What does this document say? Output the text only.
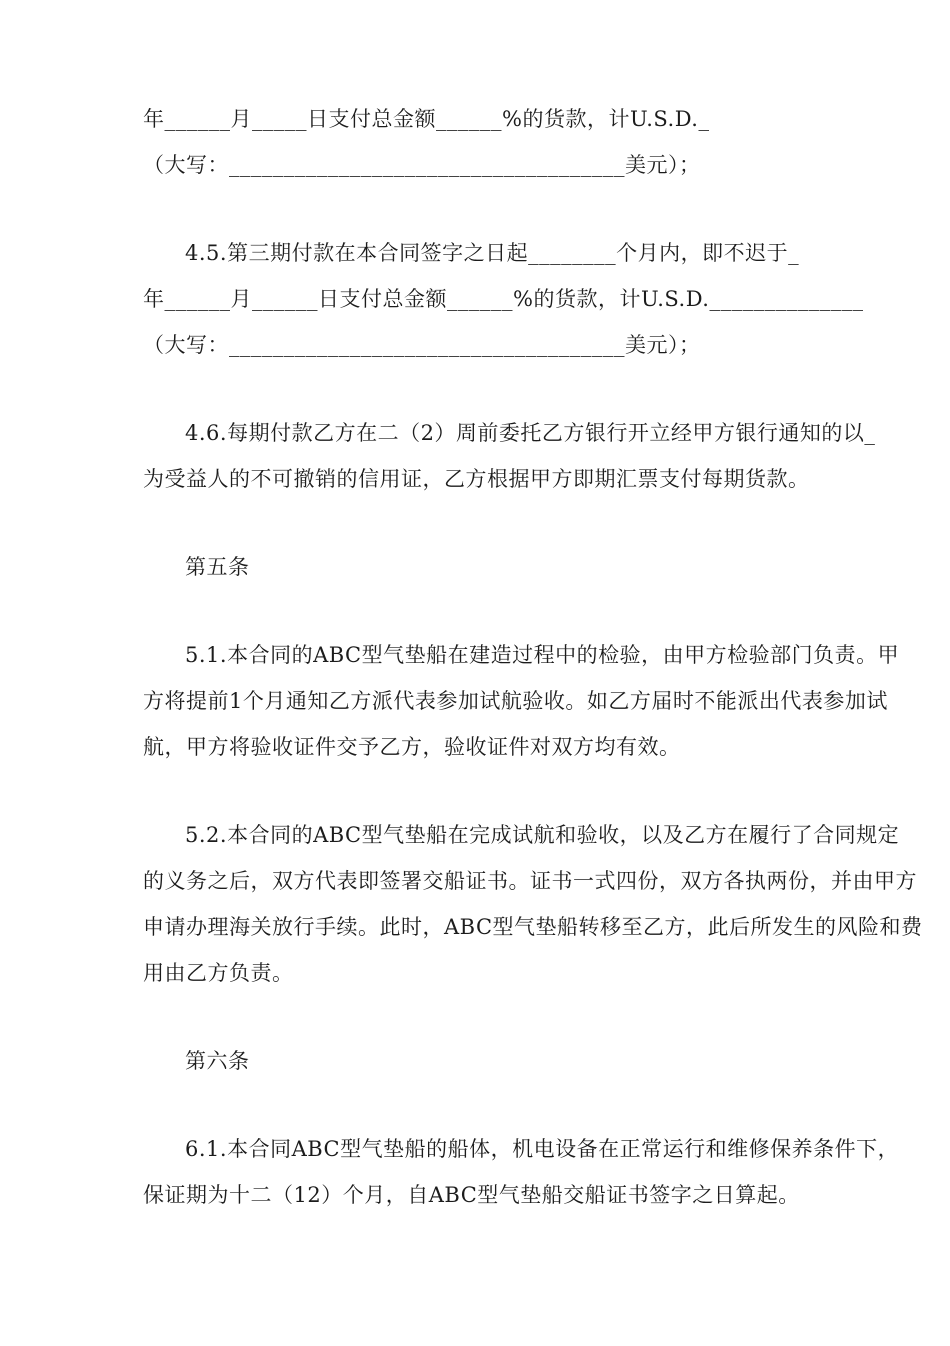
年______月_____日支付总金额______%的货款，计U.S.D._
（大写：____________________________________美元）；
4.5.第三期付款在本合同签字之日起________个月内，即不迟于_
年______月______日支付总金额______%的货款，计U.S.D.______________
（大写：____________________________________美元）；
4.6.每期付款乙方在二（2）周前委托乙方银行开立经甲方银行通知的以_
为受益人的不可撤销的信用证，乙方根据甲方即期汇票支付每期货款。
第五条
5.1.本合同的ABC型气垫船在建造过程中的检验，由甲方检验部门负责。甲
方将提前1个月通知乙方派代表参加试航验收。如乙方届时不能派出代表参加试
航，甲方将验收证件交予乙方，验收证件对双方均有效。
5.2.本合同的ABC型气垫船在完成试航和验收，以及乙方在履行了合同规定
的义务之后，双方代表即签署交船证书。证书一式四份，双方各执两份，并由甲方
申请办理海关放行手续。此时，ABC型气垫船转移至乙方，此后所发生的风险和费
用由乙方负责。
第六条
6.1.本合同ABC型气垫船的船体，机电设备在正常运行和维修保养条件下，
保证期为十二（12）个月，自ABC型气垫船交船证书签字之日算起。
